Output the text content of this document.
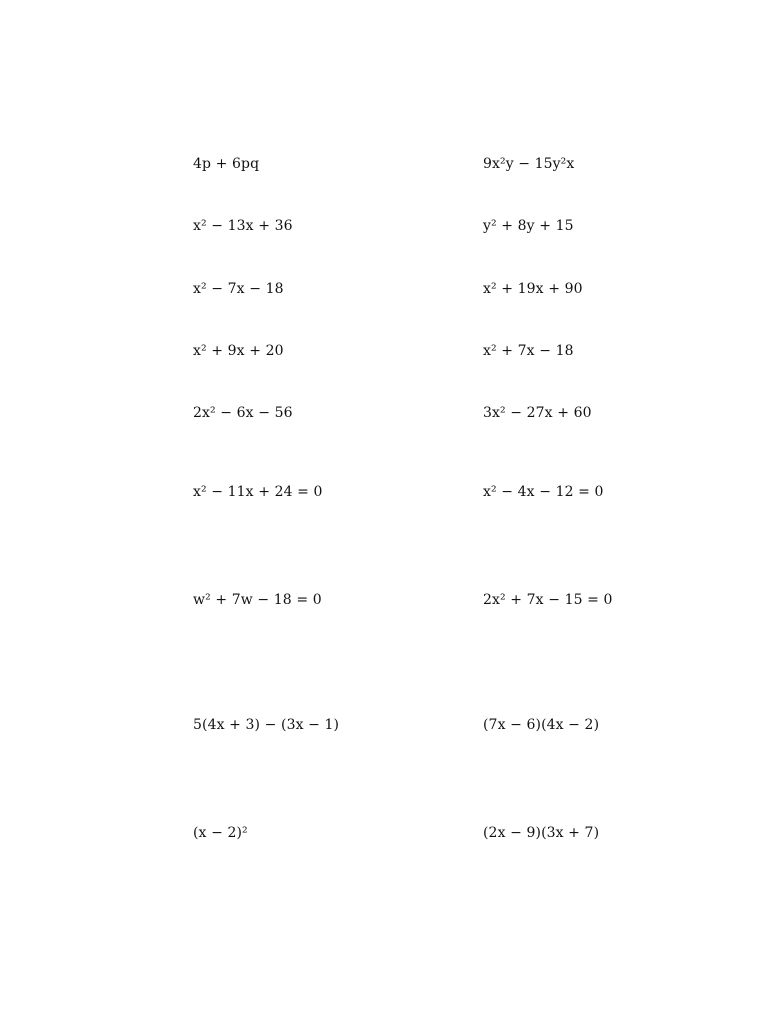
4p + 6pq	9x²y − 15y²x
x² − 13x + 36	y² + 8y + 15
x² − 7x − 18	x² + 19x + 90
x² + 9x + 20	x² + 7x − 18
2x² − 6x − 56	3x² − 27x + 60
x² − 11x + 24 = 0	x² − 4x − 12 = 0
w² + 7w − 18 = 0	2x² + 7x − 15 = 0
5(4x + 3) − (3x − 1)	(7x − 6)(4x − 2)
(x − 2)²	(2x − 9)(3x + 7)
